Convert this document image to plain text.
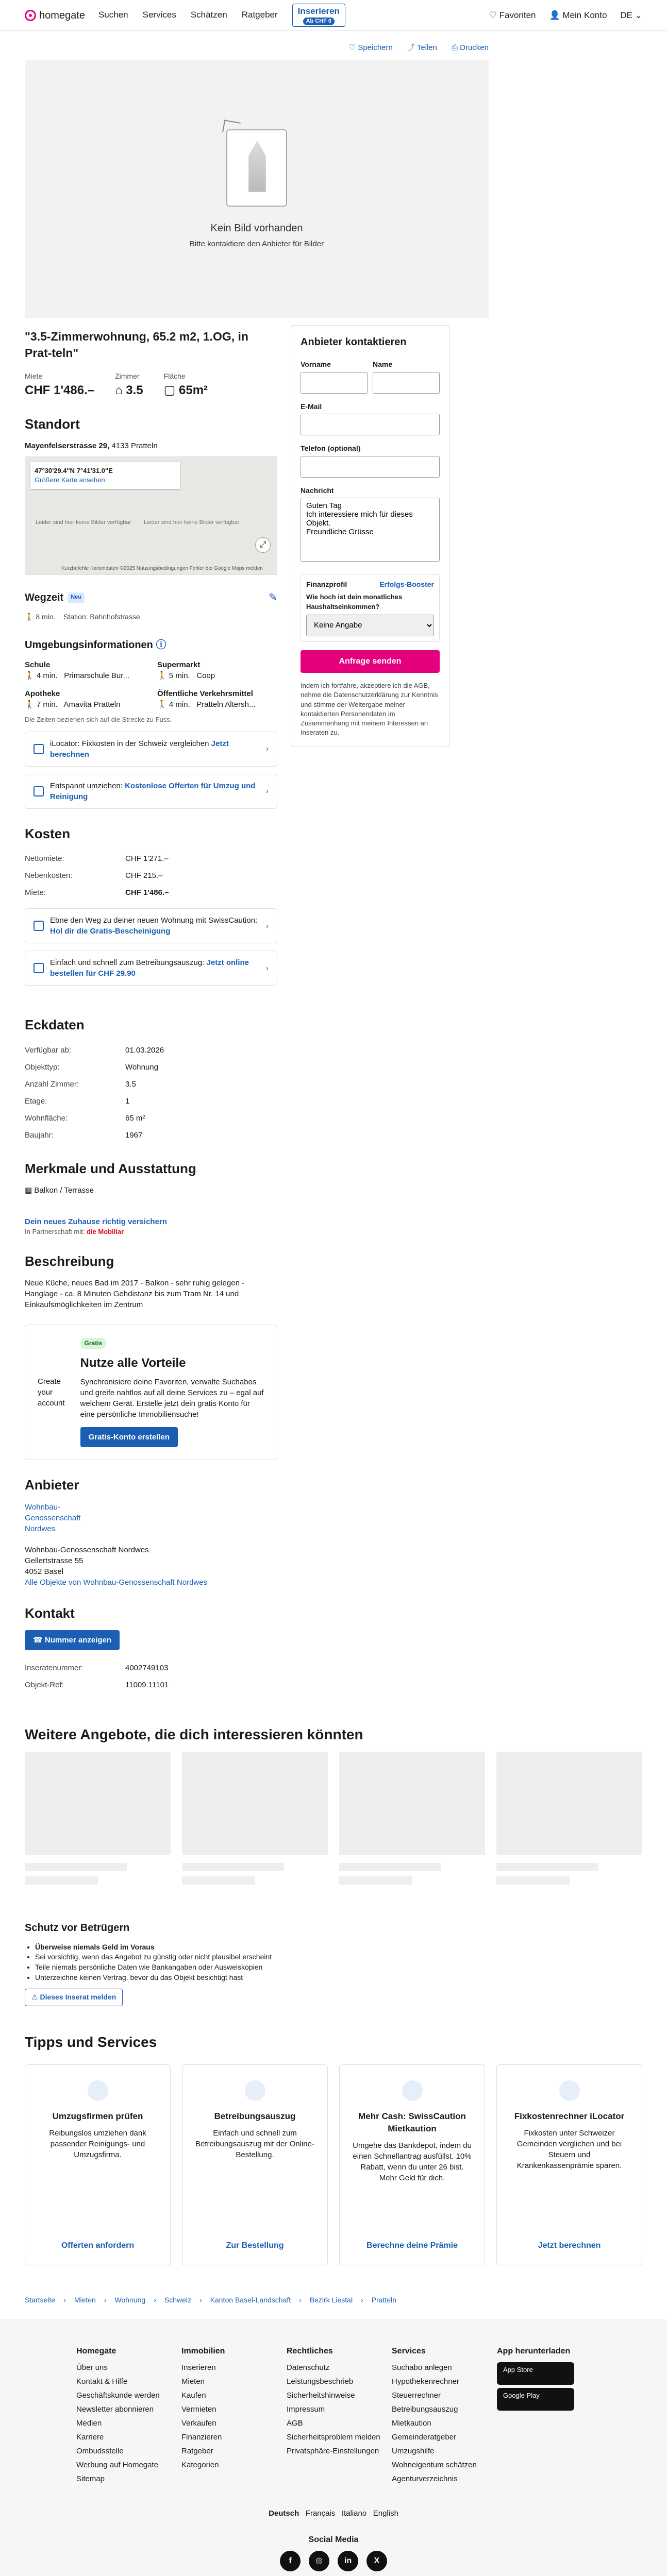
homegate Suchen Services Schätzen Ratgeber	Inserieren
Ab CHF 0
♡ Favoriten 👤 Mein Konto DE ⌄
♡ Speichern ⤴ Teilen ⎙ Drucken
Kein Bild vorhanden

Bitte kontaktiere den Anbieter für Bilder

"3.5-Zimmerwohnung, 65.2 m2, 1.OG, in Prat-teln"
Miete
CHF 1'486.–
Zimmer
⌂ 3.5
Fläche
▢ 65m²
Standort
Mayenfelserstrasse 29, 4133 Pratteln
47°30'29.4"N 7°41'31.0"E
Größere Karte ansehen
Leider sind hier keine Bilder verfügbar Leider sind hier keine Bilder verfügbar
⤢
Kurzbefehle Kartendaten ©2025 Nutzungsbedingungen Fehler bei Google Maps melden
Wegzeit	Neu	✎
🚶 8 min. Station: Bahnhofstrasse
Umgebungsinformationen ⓘ
Schule
🚶 4 min. Primarschule Bur...
Supermarkt
🚶 5 min. Coop
Apotheke
🚶 7 min. Amavita Pratteln
Öffentliche Verkehrsmittel
🚶 4 min. Pratteln Altersh...
Die Zeiten beziehen sich auf die Strecke zu Fuss.
iLocator: Fixkosten in der Schweiz vergleichen Jetzt berechnen
›
Entspannt umziehen: Kostenlose Offerten für Umzug und Reinigung
›
Kosten
Nettomiete:	CHF 1'271.–
Nebenkosten:	CHF 215.–
Miete:	CHF 1'486.–
Ebne den Weg zu deiner neuen Wohnung mit SwissCaution: Hol dir die Gratis-Bescheinigung
›
Einfach und schnell zum Betreibungsauszug: Jetzt online bestellen für CHF 29.90
›
Eckdaten
Verfügbar ab:	01.03.2026
Objekttyp:	Wohnung
Anzahl Zimmer:	3.5
Etage:	1
Wohnfläche:	65 m²
Baujahr:	1967
Merkmale und Ausstattung
▦ Balkon / Terrasse
Dein neues Zuhause richtig versichern
In Partnerschaft mit: die Mobiliar
Beschreibung

Neue Küche, neues Bad im 2017 - Balkon - sehr ruhig gelegen - Hanglage - ca. 8 Minuten Gehdistanz bis zum Tram Nr. 14 und Einkaufsmöglichkeiten im Zentrum

Create your account
Gratis
Nutze alle Vorteile

Synchronisiere deine Favoriten, verwalte Suchabos und greife nahtlos auf all deine Services zu – egal auf welchem Gerät. Erstelle jetzt dein gratis Konto für eine persönliche Immobiliensuche!

Gratis-Konto erstellen
Anbieter
Wohnbau-Genossenschaft Nordwes
Wohnbau-Genossenschaft Nordwes
Gellertstrasse 55
4052 Basel
Alle Objekte von Wohnbau-Genossenschaft Nordwes
Kontakt
☎ Nummer anzeigen
Inseratenummer:	4002749103
Objekt-Ref:	11009.11101
Anbieter kontaktieren
Vorname	Name
E-Mail
Telefon (optional)
Nachricht
Guten Tag Ich interessiere mich für dieses Objekt. Freundliche Grüsse
Finanzprofil	Erfolgs-Booster
Wie hoch ist dein monatliches Haushaltseinkommen?
Keine Angabe
Anfrage senden

Indem ich fortfahre, akzeptiere ich die AGB, nehme die Datenschutzerklärung zur Kenntnis und stimme der Weitergabe meiner kontaktierten Personendaten im Zusammenhang mit meinem Interessen an Inseraten zu.

Weitere Angebote, die dich interessieren könnten
Schutz vor Betrügern
• Überweise niemals Geld im Voraus
• Sei vorsichtig, wenn das Angebot zu günstig oder nicht plausibel erscheint
• Teile niemals persönliche Daten wie Bankangaben oder Ausweiskopien
• Unterzeichne keinen Vertrag, bevor du das Objekt besichtigt hast
⚠ Dieses Inserat melden
Tipps und Services
Umzugsfirmen prüfen

Reibungslos umziehen dank passender Reinigungs- und Umzugsfirma.

Offerten anfordern
Betreibungsauszug

Einfach und schnell zum Betreibungsauszug mit der Online-Bestellung.

Zur Bestellung
Mehr Cash: SwissCaution Mietkaution

Umgehe das Bankdepot, indem du einen Schnellantrag ausfüllst. 10% Rabatt, wenn du unter 26 bist. Mehr Geld für dich.

Berechne deine Prämie
Fixkostenrechner iLocator

Fixkosten unter Schweizer Gemeinden verglichen und bei Steuern und Krankenkassenprämie sparen.

Jetzt berechnen
Startseite › Mieten › Wohnung › Schweiz › Kanton Basel-Landschaft › Bezirk Liestal › Pratteln
Homegate
Über uns
Kontakt & Hilfe
Geschäftskunde werden
Newsletter abonnieren
Medien
Karriere
Ombudsstelle
Werbung auf Homegate
Sitemap
Immobilien
Inserieren
Mieten
Kaufen
Vermieten
Verkaufen
Finanzieren
Ratgeber
Kategorien
Rechtliches
Datenschutz
Leistungsbeschrieb
Sicherheitshinweise
Impressum
AGB
Sicherheitsproblem melden
Privatsphäre-Einstellungen
Services
Suchabo anlegen
Hypothekenrechner
Steuerrechner
Betreibungsauszug
Mietkaution
Gemeinderatgeber
Umzugshilfe
Wohneigentum schätzen
Agenturverzeichnis
App herunterladen
App Store
Google Play
Deutsch Français Italiano English
Social Media
f	◎	in	X
